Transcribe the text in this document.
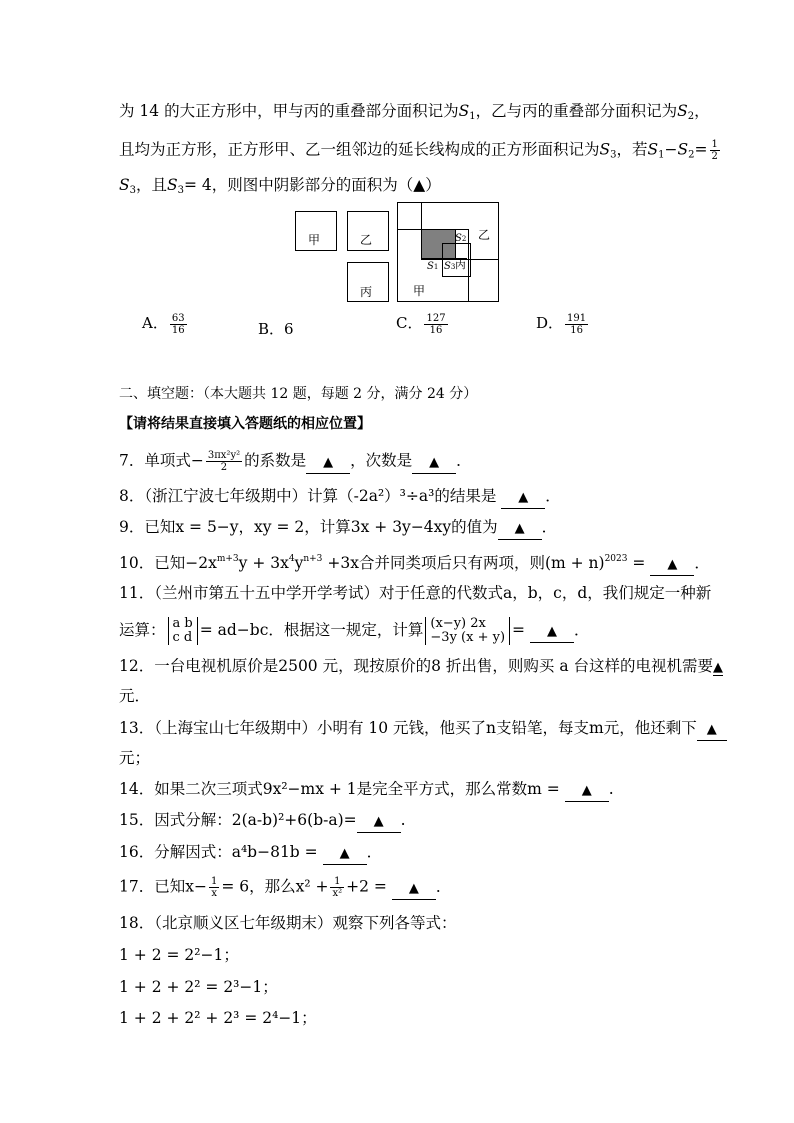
为 14 的大正方形中，甲与丙的重叠部分面积记为$S_1$，乙与丙的重叠部分面积记为$S_2$，
且均为正方形，正方形甲、乙一组邻边的延长线构成的正方形面积记为$S_3$，若$S_1-S_2= \frac{1}{2}$
$S_3$，且$S_3= 4$，则图中阴影部分的面积为（▲）
甲	乙
丙
乙
甲
丙
S2
S1 S3
A． $\frac{63}{16}$	B．6	C． $\frac{127}{16}$	D． $\frac{191}{16}$
二、填空题：（本大题共 12 题，每题 2 分，满分 24 分）
【请将结果直接填入答题纸的相应位置】
7．单项式− $\frac{\text{3πx²y²}}{2}$ 的系数是 ▲ ，次数是 ▲ ．
8．（浙江宁波七年级期中）计算（-2a²）³÷a³的结果是 ▲ ．
9．已知x = 5−y，xy = 2，计算3x + 3y−4xy的值为 ▲ ．
10．已知$-2x^{m+3}y + 3x^4y^{n+3} +3x$合并同类项后只有两项，则$(m + n)^{2023}$ = ▲ ．
11．（兰州市第五十五中学开学考试）对于任意的代数式a，b，c，d，我们规定一种新
运算： a b
c d = ad−bc．根据这一规定，计算 (x−y) 2x
−3y (x + y) = ▲ ．
12．一台电视机原价是2500 元，现按原价的8 折出售，则购买 a 台这样的电视机需要▲
元．
13．（上海宝山七年级期中）小明有 10 元钱，他买了n支铅笔，每支m元，他还剩下 ▲
元；
14．如果二次三项式9x²−mx + 1是完全平方式，那么常数m = ▲ .
15．因式分解：2(a-b)²+6(b-a)= ▲ .
16．分解因式：a⁴b−81b = ▲ ．
17．已知$x- \frac{1}{x} = 6$，那么$x^2 + \frac{1}{\text{x²}} +2$ = ▲ ．
18．（北京顺义区七年级期末）观察下列各等式：
1 + 2 = 2²−1；
1 + 2 + 2² = 2³−1；
1 + 2 + 2² + 2³ = 2⁴−1；
